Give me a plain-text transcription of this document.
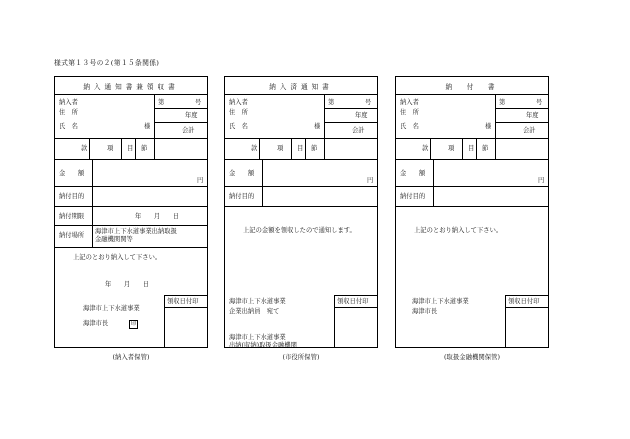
様式第１３号の２(第１５条関係)
納入通知書兼領収書
納入者
住　所
氏　名	様
第	号
年度
会計
款	項 目 節
金　　額
円
納付目的
納付期限	年　　月　　日
納付場所
海津市上下水道事業出納取扱
金融機関関等
上記のとおり納入して下さい。
年　　月　　日
領収日付印
海津市上下水道事業
海津市長　　　	印
(納入者保管)
納入済通知書
納入者
住　所
氏　名	様
第	号
年度
会計
款	項 目 節
金　　額
円
納付目的
上記の金額を領収したので通知します。
領収日付印
海津市上下水道事業
企業出納員　宛て
海津市上下水道事業
出納(収納)取扱金融機関
(市役所保管)
納　付　書
納入者
住　所
氏　名	様
第	号
年度
会計
款	項 目 節
金　　額
円
納付目的
上記のとおり納入して下さい。
領収日付印
海津市上下水道事業
海津市長
(取扱金融機関保管)
